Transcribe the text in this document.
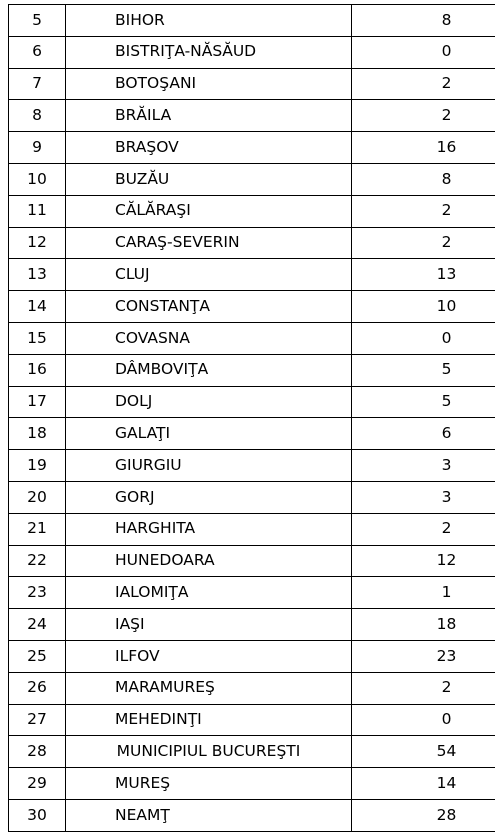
5	BIHOR	8
6	BISTRIŢA-NĂSĂUD	0
7	BOTOŞANI	2
8	BRĂILA	2
9	BRAŞOV	16
10	BUZĂU	8
11	CĂLĂRAŞI	2
12	CARAŞ-SEVERIN	2
13	CLUJ	13
14	CONSTANŢA	10
15	COVASNA	0
16	DÂMBOVIŢA	5
17	DOLJ	5
18	GALAŢI	6
19	GIURGIU	3
20	GORJ	3
21	HARGHITA	2
22	HUNEDOARA	12
23	IALOMIŢA	1
24	IAŞI	18
25	ILFOV	23
26	MARAMUREŞ	2
27	MEHEDINŢI	0
28	MUNICIPIUL BUCUREŞTI	54
29	MUREŞ	14
30	NEAMŢ	28
